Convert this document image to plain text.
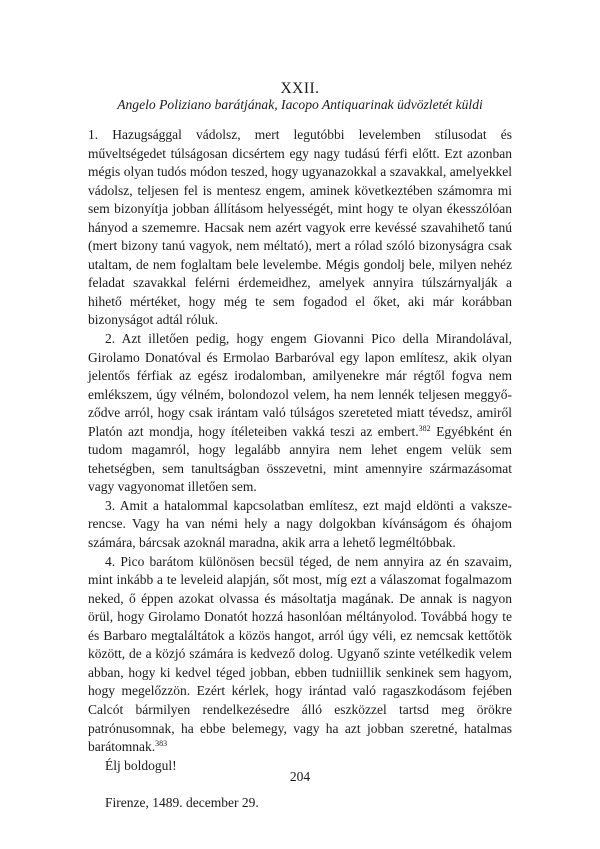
XXII.
Angelo Poliziano barátjának, Iacopo Antiquarinak üdvözletét küldi

1. Hazugsággal vádolsz, mert legutóbbi levelemben stílusodat és műveltségedet túlságosan dicsértem egy nagy tudású férfi előtt. Ezt azonban mégis olyan tudós módon teszed, hogy ugyanazokkal a szavakkal, amelyekkel vádolsz, teljesen fel is mentesz engem, aminek következtében számomra mi sem bizonyítja jobban állításom helyességét, mint hogy te olyan ékesszólóan hányod a szememre. Hacsak nem azért vagyok erre kevéssé szavahihető tanú (mert bizony tanú vagyok, nem méltató), mert a rólad szóló bizonyságra csak utaltam, de nem foglaltam bele levelembe. Mégis gondolj bele, milyen nehéz feladat szavakkal felérni érdemeidhez, amelyek annyira túlszárnyalják a hihető mértéket, hogy még te sem fogadod el őket, aki már korábban bizonyságot adtál róluk.

2. Azt illetően pedig, hogy engem Giovanni Pico della Mirandolával, Girolamo Donatóval és Ermolao Barbaróval egy lapon említesz, akik olyan jelentős férfiak az egész irodalomban, amilyenekre már régtől fogva nem emlékszem, úgy vélném, bolondozol velem, ha nem lennék teljesen meggyőződve arról, hogy csak irántam való túlságos szereteted miatt tévedsz, amiről Platón azt mondja, hogy ítéleteiben vakká teszi az embert.$^{382}$ Egyébként én tudom magamról, hogy legalább annyira nem lehet engem velük sem tehetségben, sem tanultságban összevetni, mint amennyire származásomat vagy vagyonomat illetően sem.

3. Amit a hatalommal kapcsolatban említesz, ezt majd eldönti a vakszerencse. Vagy ha van némi hely a nagy dolgokban kívánságom és óhajom számára, bárcsak azoknál maradna, akik arra a lehető legméltóbbak.

4. Pico barátom különösen becsül téged, de nem annyira az én szavaim, mint inkább a te leveleid alapján, sőt most, míg ezt a válaszomat fogalmazom neked, ő éppen azokat olvassa és másoltatja magának. De annak is nagyon örül, hogy Girolamo Donatót hozzá hasonlóan méltányolod. Továbbá hogy te és Barbaro megtaláltátok a közös hangot, arról úgy véli, ez nemcsak kettőtök között, de a közjó számára is kedvező dolog. Ugyanő szinte vetélkedik velem abban, hogy ki kedvel téged jobban, ebben tudniillik senkinek sem hagyom, hogy megelőzzön. Ezért kérlek, hogy irántad való ragaszkodásom fejében Calcót bármilyen rendelkezésedre álló eszközzel tartsd meg örökre patrónusomnak, ha ebbe belemegy, vagy ha azt jobban szeretné, hatalmas barátomnak.$^{383}$

Élj boldogul!

Firenze, 1489. december 29.

204
